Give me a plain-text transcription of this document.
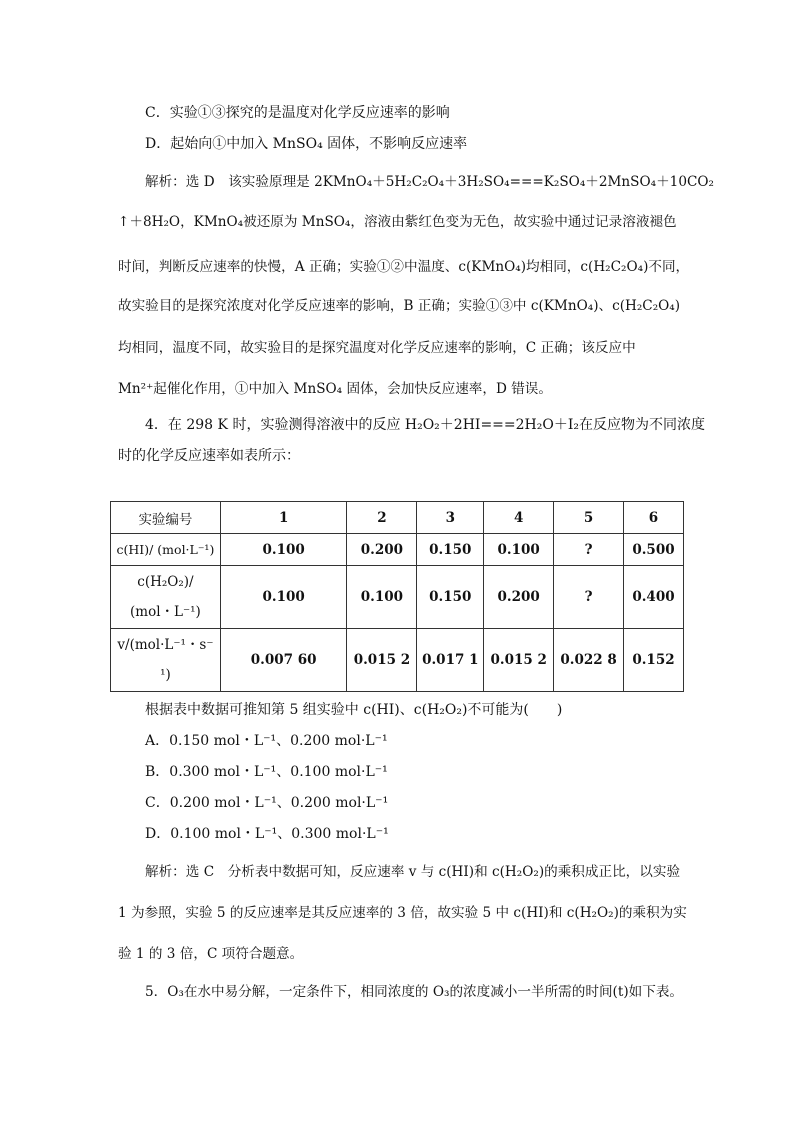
C．实验①③探究的是温度对化学反应速率的影响
D．起始向①中加入 MnSO₄ 固体，不影响反应速率
解析：选 D　该实验原理是 2KMnO₄＋5H₂C₂O₄＋3H₂SO₄===K₂SO₄＋2MnSO₄＋10CO₂
↑＋8H₂O，KMnO₄被还原为 MnSO₄，溶液由紫红色变为无色，故实验中通过记录溶液褪色
时间，判断反应速率的快慢，A 正确；实验①②中温度、c(KMnO₄)均相同，c(H₂C₂O₄)不同，
故实验目的是探究浓度对化学反应速率的影响，B 正确；实验①③中 c(KMnO₄)、c(H₂C₂O₄)
均相同，温度不同，故实验目的是探究温度对化学反应速率的影响，C 正确；该反应中
Mn²⁺起催化作用，①中加入 MnSO₄ 固体，会加快反应速率，D 错误。
4．在 298 K 时，实验测得溶液中的反应 H₂O₂＋2HI===2H₂O＋I₂在反应物为不同浓度
时的化学反应速率如表所示：
实验编号	1	2	3	4	5	6
c(HI)/ (mol·L⁻¹)	0.100	0.200	0.150	0.100	?	0.500

c(H₂O₂)/
(mol・L⁻¹)	0.100	0.100	0.150	0.200	?	0.400

v/(mol·L⁻¹・s⁻
¹)	0.007 60	0.015 2	0.017 1	0.015 2	0.022 8	0.152
根据表中数据可推知第 5 组实验中 c(HI)、c(H₂O₂)不可能为(　　)
A．0.150 mol・L⁻¹、0.200 mol·L⁻¹
B．0.300 mol・L⁻¹、0.100 mol·L⁻¹
C．0.200 mol・L⁻¹、0.200 mol·L⁻¹
D．0.100 mol・L⁻¹、0.300 mol·L⁻¹
解析：选 C　分析表中数据可知，反应速率 v 与 c(HI)和 c(H₂O₂)的乘积成正比，以实验
1 为参照，实验 5 的反应速率是其反应速率的 3 倍，故实验 5 中 c(HI)和 c(H₂O₂)的乘积为实
验 1 的 3 倍，C 项符合题意。
5．O₃在水中易分解，一定条件下，相同浓度的 O₃的浓度减小一半所需的时间(t)如下表。
